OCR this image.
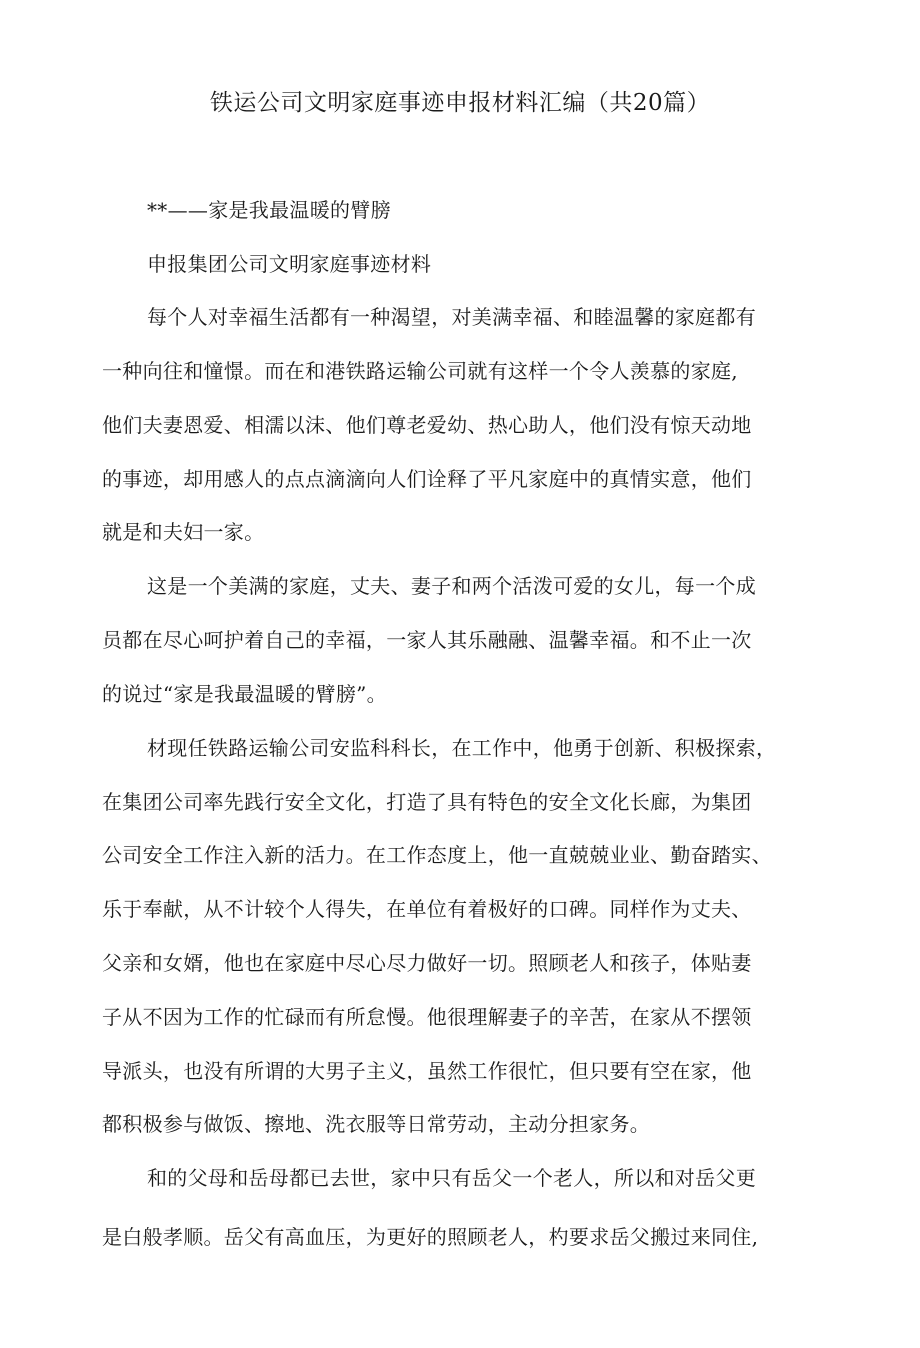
铁运公司文明家庭事迹申报材料汇编（共20篇）
**——家是我最温暖的臂膀
申报集团公司文明家庭事迹材料
每个人对幸福生活都有一种渴望，对美满幸福、和睦温馨的家庭都有
一种向往和憧憬。而在和港铁路运输公司就有这样一个令人羡慕的家庭,
他们夫妻恩爱、相濡以沫、他们尊老爱幼、热心助人，他们没有惊天动地
的事迹，却用感人的点点滴滴向人们诠释了平凡家庭中的真情实意，他们
就是和夫妇一家。
这是一个美满的家庭，丈夫、妻子和两个活泼可爱的女儿，每一个成
员都在尽心呵护着自己的幸福，一家人其乐融融、温馨幸福。和不止一次
的说过“家是我最温暖的臂膀”。
材现任铁路运输公司安监科科长，在工作中，他勇于创新、积极探索，
在集团公司率先践行安全文化，打造了具有特色的安全文化长廊，为集团
公司安全工作注入新的活力。在工作态度上，他一直兢兢业业、勤奋踏实、
乐于奉献，从不计较个人得失，在单位有着极好的口碑。同样作为丈夫、
父亲和女婿，他也在家庭中尽心尽力做好一切。照顾老人和孩子，体贴妻
子从不因为工作的忙碌而有所怠慢。他很理解妻子的辛苦，在家从不摆领
导派头，也没有所谓的大男子主义，虽然工作很忙，但只要有空在家，他
都积极参与做饭、擦地、洗衣服等日常劳动，主动分担家务。
和的父母和岳母都已去世，家中只有岳父一个老人，所以和对岳父更
是白般孝顺。岳父有高血压，为更好的照顾老人，杓要求岳父搬过来同住,
